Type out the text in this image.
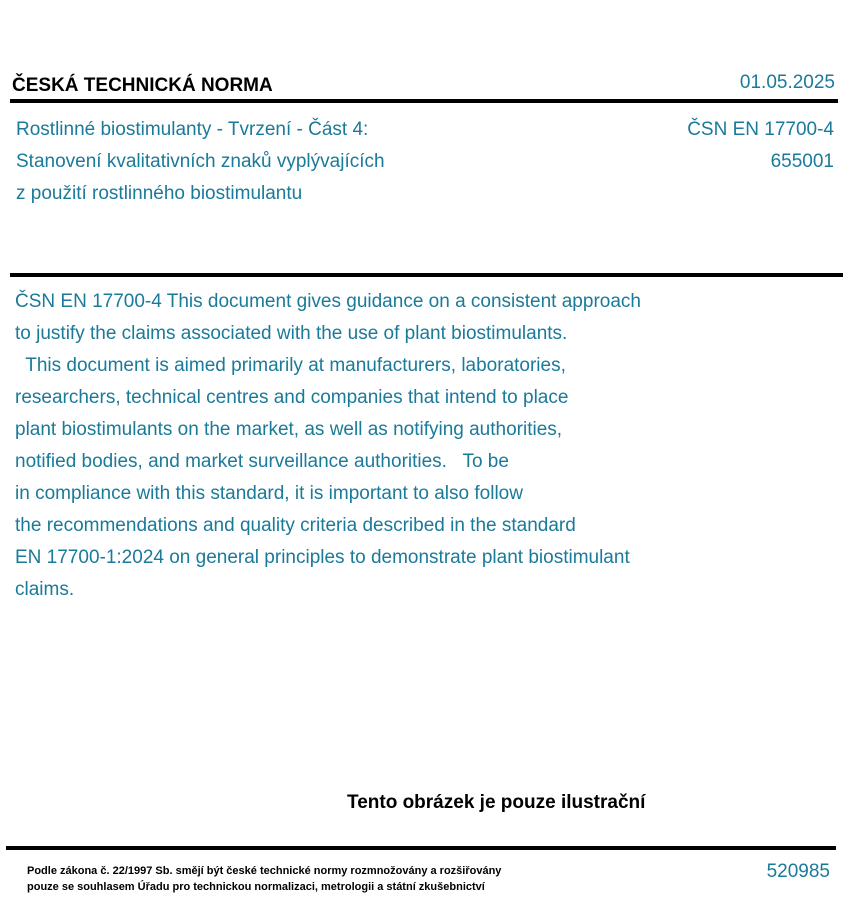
ČESKÁ TECHNICKÁ NORMA	01.05.2025
Rostlinné biostimulanty - Tvrzení - Část 4:
Stanovení kvalitativních znaků vyplývajících
z použití rostlinného biostimulantu
ČSN EN 17700-4
655001
ČSN EN 17700-4 This document gives guidance on a consistent approach
to justify the claims associated with the use of plant biostimulants.
This document is aimed primarily at manufacturers, laboratories,
researchers, technical centres and companies that intend to place
plant biostimulants on the market, as well as notifying authorities,
notified bodies, and market surveillance authorities.   To be
in compliance with this standard, it is important to also follow
the recommendations and quality criteria described in the standard
EN 17700-1:2024 on general principles to demonstrate plant biostimulant
claims.
Tento obrázek je pouze ilustrační
Podle zákona č. 22/1997 Sb. smějí být české technické normy rozmnožovány a rozšiřovány
pouze se souhlasem Úřadu pro technickou normalizaci, metrologii a státní zkušebnictví
520985
